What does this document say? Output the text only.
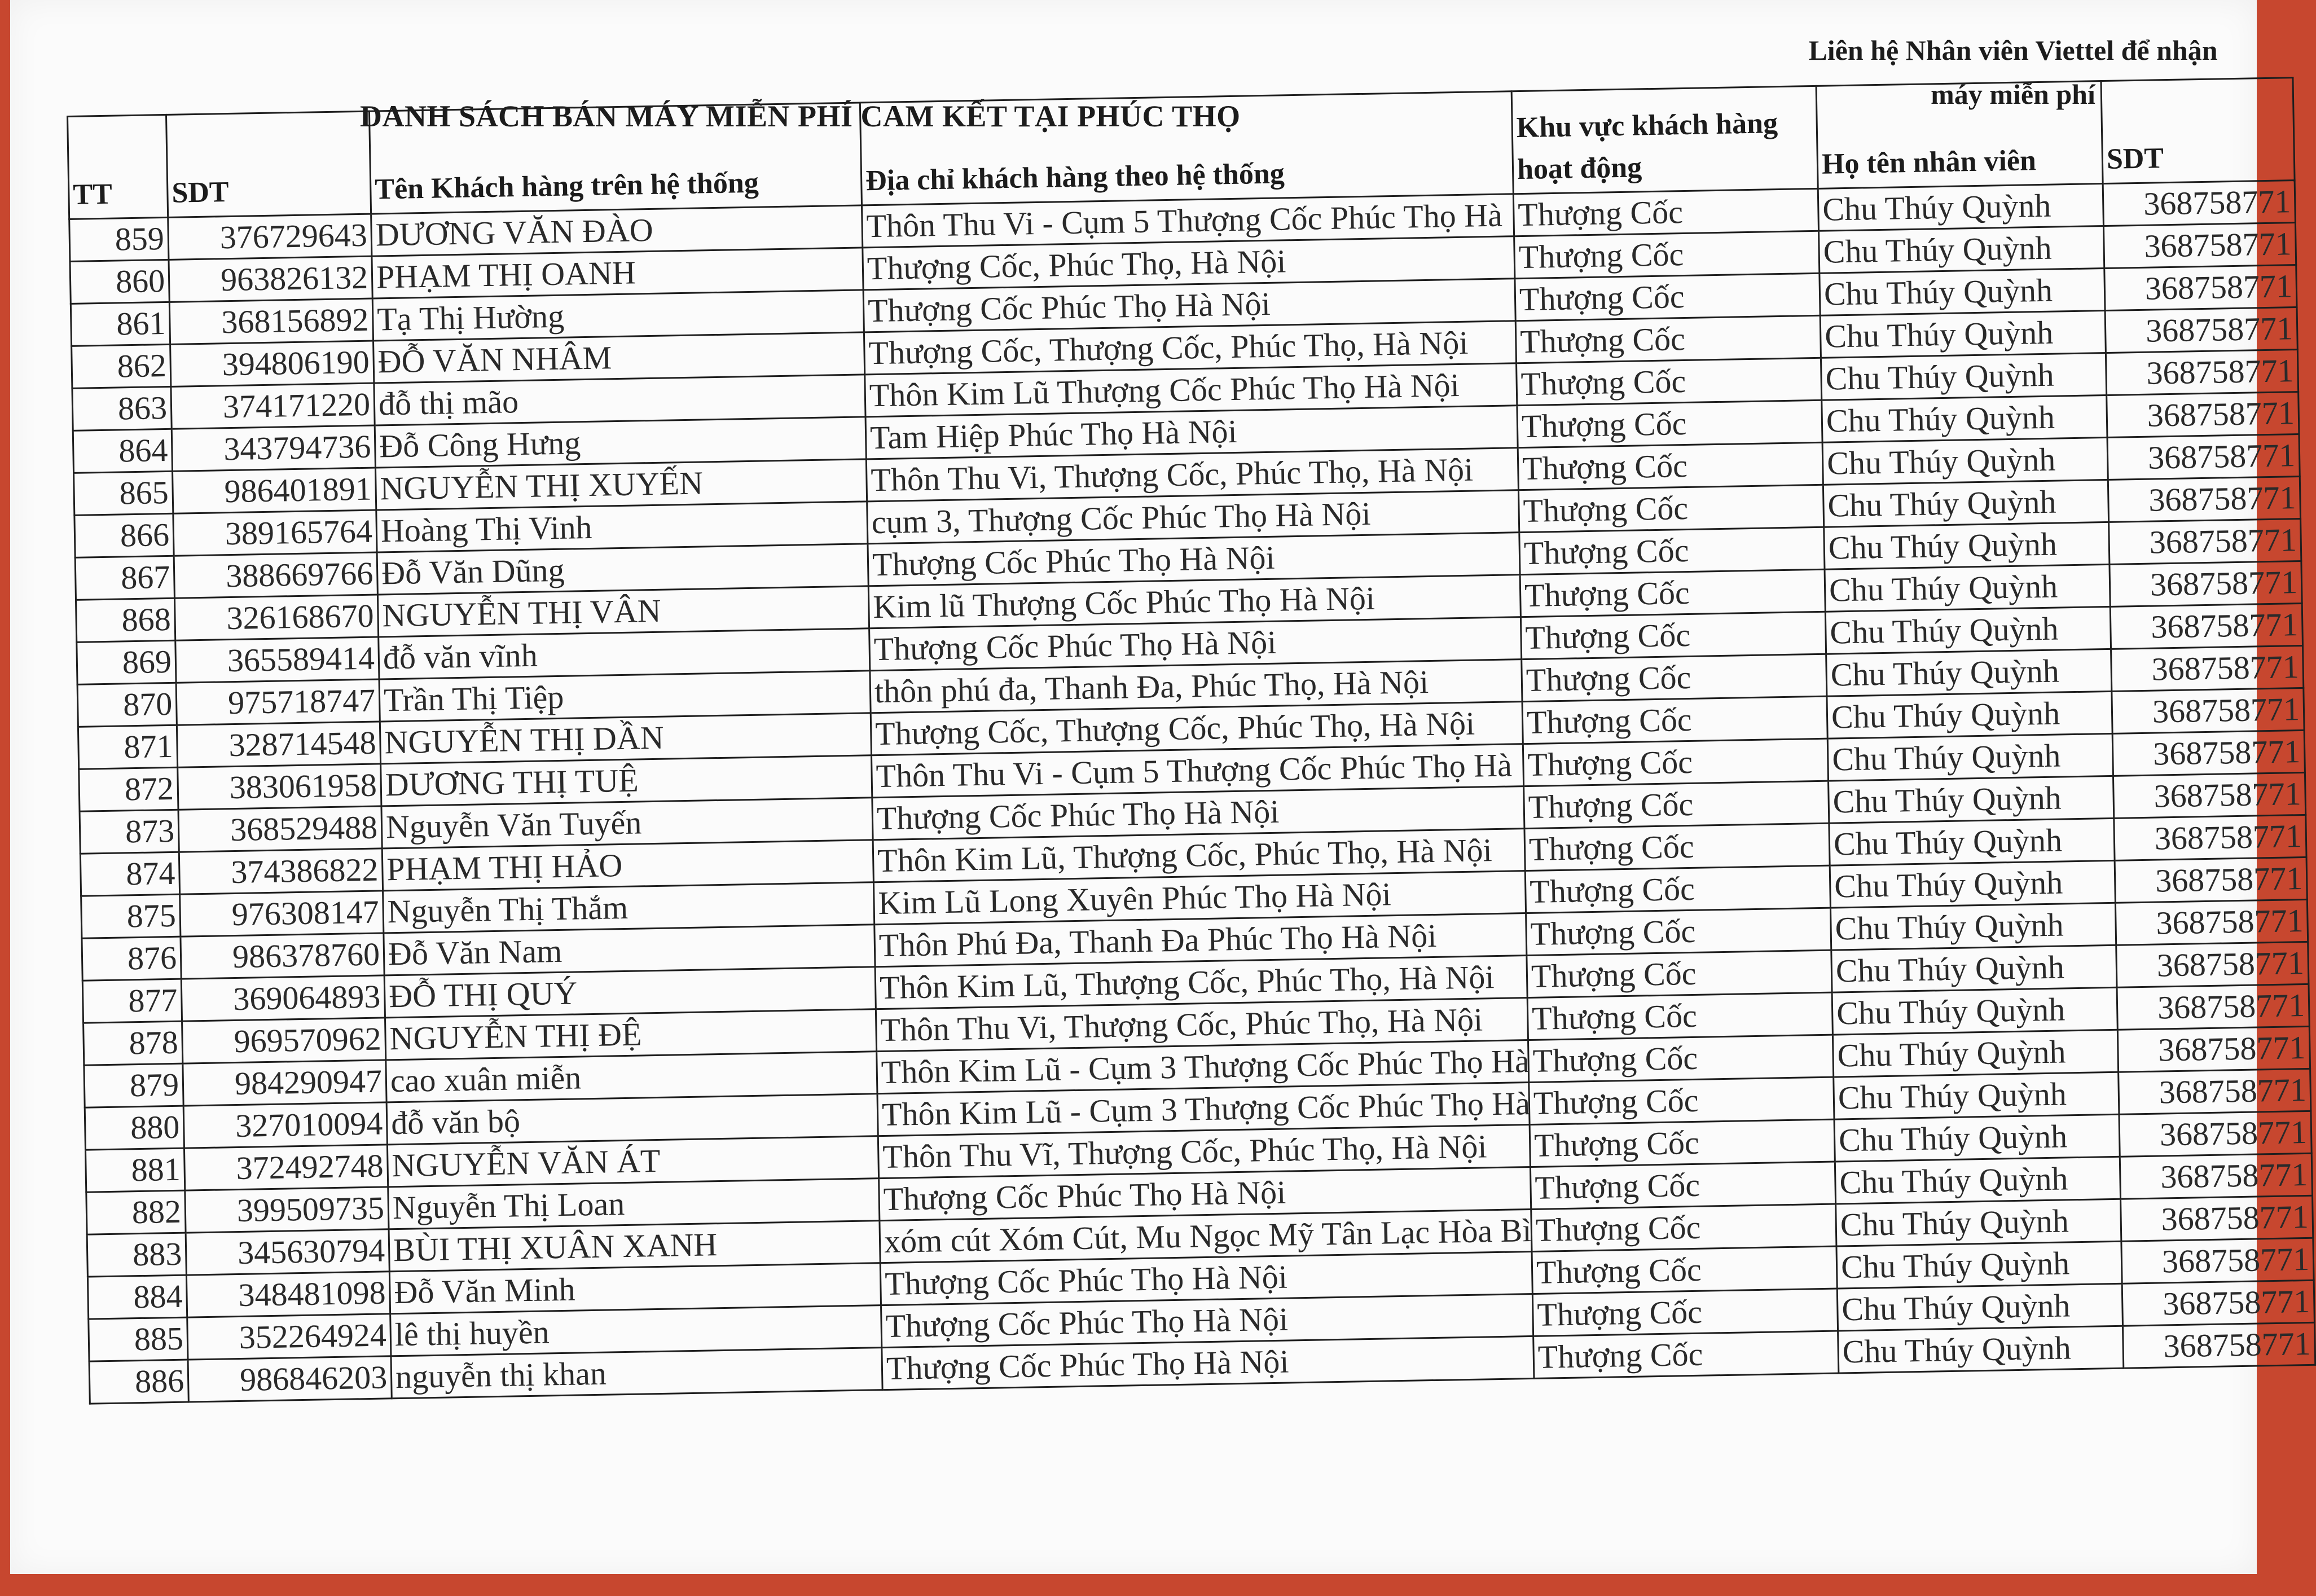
Liên hệ Nhân viên Viettel để nhận máy miễn phí
DANH SÁCH BÁN MÁY MIỄN PHÍ CAM KẾT TẠI PHÚC THỌ
TT	SDT	Tên Khách hàng trên hệ thống	Địa chỉ khách hàng theo hệ thống	Khu vực khách hàng hoạt động	Họ tên nhân viên	SDT
859	376729643	DƯƠNG VĂN ĐÀO	Thôn Thu Vi - Cụm 5 Thượng Cốc Phúc Thọ Hà	Thượng Cốc	Chu Thúy Quỳnh	368758771
860	963826132	PHẠM THỊ OANH	Thượng Cốc, Phúc Thọ, Hà Nội	Thượng Cốc	Chu Thúy Quỳnh	368758771
861	368156892	Tạ Thị Hường	Thượng Cốc Phúc Thọ Hà Nội	Thượng Cốc	Chu Thúy Quỳnh	368758771
862	394806190	ĐỖ VĂN NHÂM	Thượng Cốc, Thượng Cốc, Phúc Thọ, Hà Nội	Thượng Cốc	Chu Thúy Quỳnh	368758771
863	374171220	đỗ thị mão	Thôn Kim Lũ Thượng Cốc Phúc Thọ Hà Nội	Thượng Cốc	Chu Thúy Quỳnh	368758771
864	343794736	Đỗ Công Hưng	Tam Hiệp Phúc Thọ Hà Nội	Thượng Cốc	Chu Thúy Quỳnh	368758771
865	986401891	NGUYỄN THỊ XUYẾN	Thôn Thu Vi, Thượng Cốc, Phúc Thọ, Hà Nội	Thượng Cốc	Chu Thúy Quỳnh	368758771
866	389165764	Hoàng Thị Vinh	cụm 3, Thượng Cốc Phúc Thọ Hà Nội	Thượng Cốc	Chu Thúy Quỳnh	368758771
867	388669766	Đỗ Văn Dũng	Thượng Cốc Phúc Thọ Hà Nội	Thượng Cốc	Chu Thúy Quỳnh	368758771
868	326168670	NGUYỄN THỊ VÂN	Kim lũ Thượng Cốc Phúc Thọ Hà Nội	Thượng Cốc	Chu Thúy Quỳnh	368758771
869	365589414	đỗ văn vĩnh	Thượng Cốc Phúc Thọ Hà Nội	Thượng Cốc	Chu Thúy Quỳnh	368758771
870	975718747	Trần Thị Tiệp	thôn phú đa, Thanh Đa, Phúc Thọ, Hà Nội	Thượng Cốc	Chu Thúy Quỳnh	368758771
871	328714548	NGUYỄN THỊ DẦN	Thượng Cốc, Thượng Cốc, Phúc Thọ, Hà Nội	Thượng Cốc	Chu Thúy Quỳnh	368758771
872	383061958	DƯƠNG THỊ TUỆ	Thôn Thu Vi - Cụm 5 Thượng Cốc Phúc Thọ Hà	Thượng Cốc	Chu Thúy Quỳnh	368758771
873	368529488	Nguyễn Văn Tuyến	Thượng Cốc Phúc Thọ Hà Nội	Thượng Cốc	Chu Thúy Quỳnh	368758771
874	374386822	PHẠM THỊ HẢO	Thôn Kim Lũ, Thượng Cốc, Phúc Thọ, Hà Nội	Thượng Cốc	Chu Thúy Quỳnh	368758771
875	976308147	Nguyễn Thị Thắm	Kim Lũ Long Xuyên Phúc Thọ Hà Nội	Thượng Cốc	Chu Thúy Quỳnh	368758771
876	986378760	Đỗ Văn Nam	Thôn Phú Đa, Thanh Đa Phúc Thọ Hà Nội	Thượng Cốc	Chu Thúy Quỳnh	368758771
877	369064893	ĐỖ THỊ QUÝ	Thôn Kim Lũ, Thượng Cốc, Phúc Thọ, Hà Nội	Thượng Cốc	Chu Thúy Quỳnh	368758771
878	969570962	NGUYỄN THỊ ĐỆ	Thôn Thu Vi, Thượng Cốc, Phúc Thọ, Hà Nội	Thượng Cốc	Chu Thúy Quỳnh	368758771
879	984290947	cao xuân miễn	Thôn Kim Lũ - Cụm 3 Thượng Cốc Phúc Thọ Hà	Thượng Cốc	Chu Thúy Quỳnh	368758771
880	327010094	đỗ văn bộ	Thôn Kim Lũ - Cụm 3 Thượng Cốc Phúc Thọ Hà	Thượng Cốc	Chu Thúy Quỳnh	368758771
881	372492748	NGUYỄN VĂN ÁT	Thôn Thu Vĩ, Thượng Cốc, Phúc Thọ, Hà Nội	Thượng Cốc	Chu Thúy Quỳnh	368758771
882	399509735	Nguyễn Thị Loan	Thượng Cốc Phúc Thọ Hà Nội	Thượng Cốc	Chu Thúy Quỳnh	368758771
883	345630794	BÙI THỊ XUÂN XANH	xóm cút Xóm Cút, Mu Ngọc Mỹ Tân Lạc Hòa Bì	Thượng Cốc	Chu Thúy Quỳnh	368758771
884	348481098	Đỗ Văn Minh	Thượng Cốc Phúc Thọ Hà Nội	Thượng Cốc	Chu Thúy Quỳnh	368758771
885	352264924	lê thị huyền	Thượng Cốc Phúc Thọ Hà Nội	Thượng Cốc	Chu Thúy Quỳnh	368758771
886	986846203	nguyễn thị khan	Thượng Cốc Phúc Thọ Hà Nội	Thượng Cốc	Chu Thúy Quỳnh	368758771
